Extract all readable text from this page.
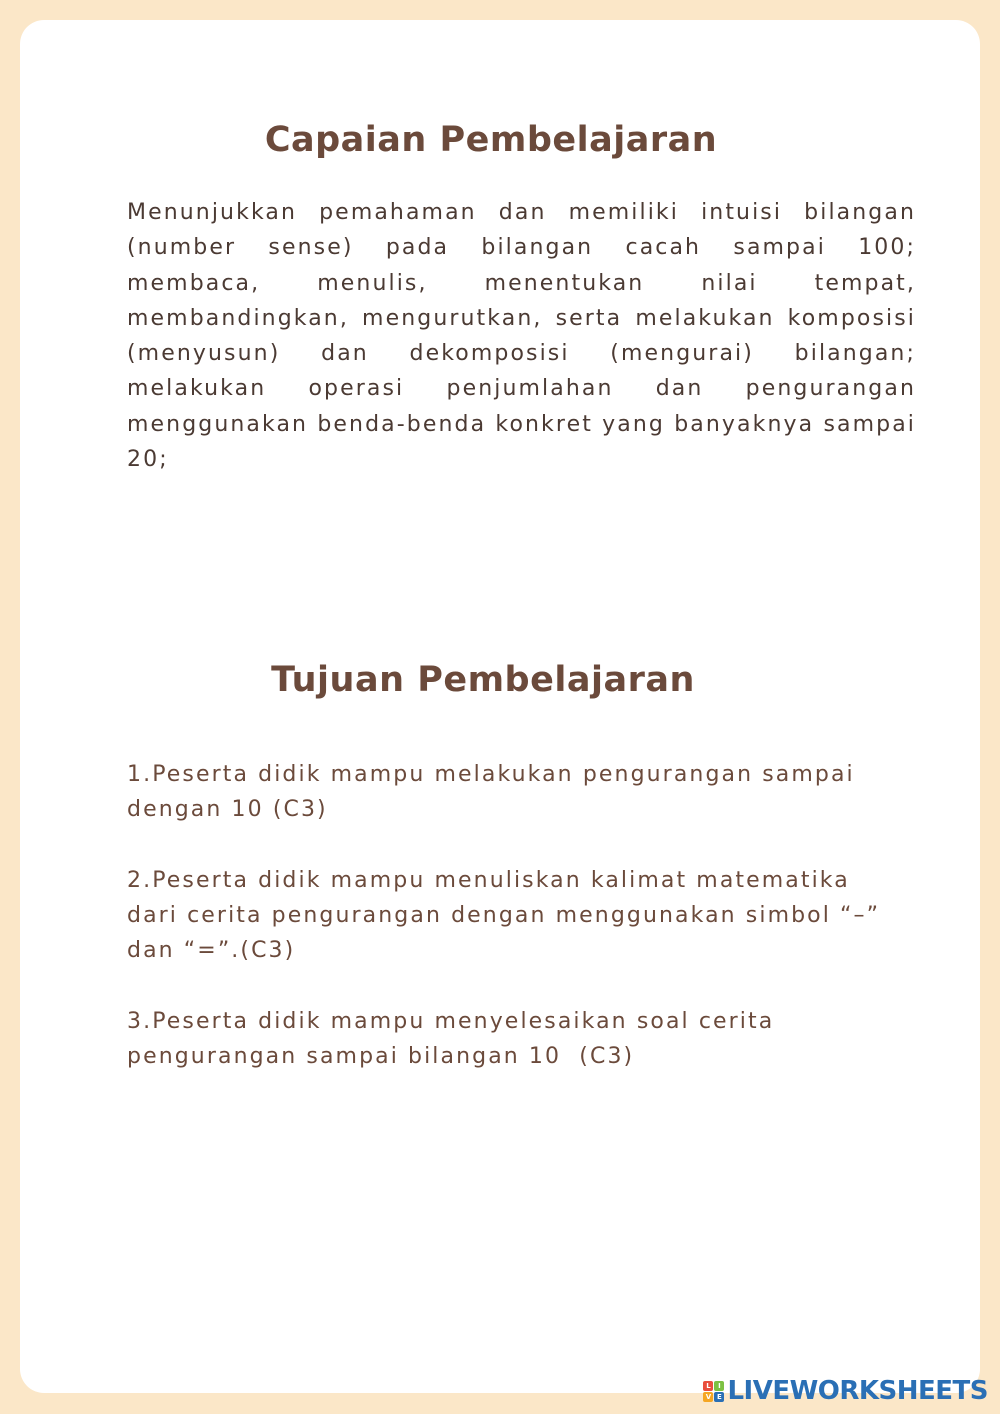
Capaian Pembelajaran

Menunjukkan pemahaman dan memiliki intuisi bilangan (number sense) pada bilangan cacah sampai 100; membaca, menulis, menentukan nilai tempat, membandingkan, mengurutkan, serta melakukan komposisi (menyusun) dan dekomposisi (mengurai) bilangan; melakukan operasi penjumlahan dan pengurangan menggunakan benda-benda konkret yang banyaknya sampai 20;

Tujuan Pembelajaran
1.Peserta didik mampu melakukan pengurangan sampai
dengan 10 (C3)
2.Peserta didik mampu menuliskan kalimat matematika
dari cerita pengurangan dengan menggunakan simbol “–”
dan “=”.(C3)
3.Peserta didik mampu menyelesaikan soal cerita
pengurangan sampai bilangan 10  (C3)
L	I
V E LIVEWORKSHEETS
